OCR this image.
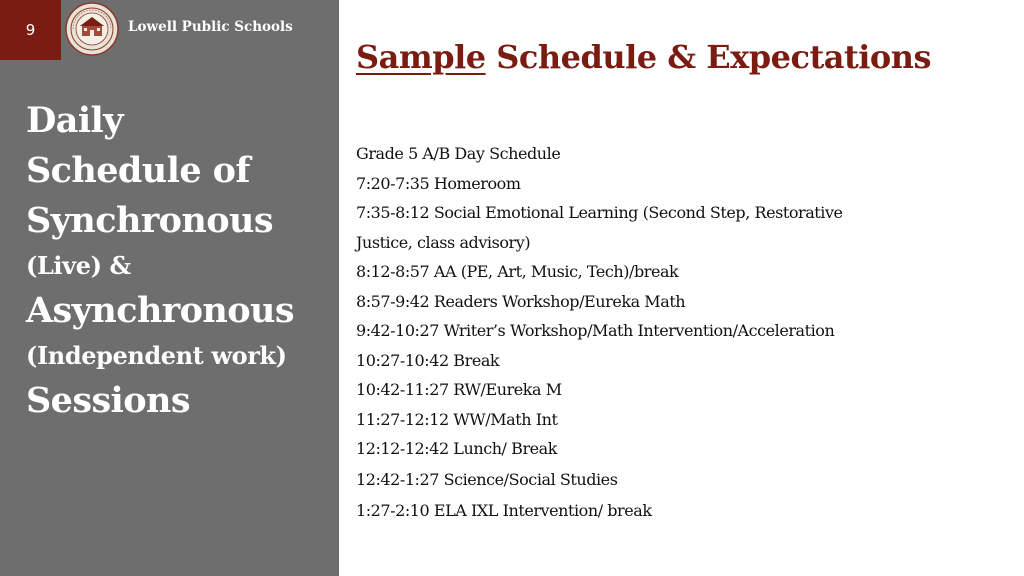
9	Lowell Public Schools
Daily
Schedule of
Synchronous
(Live) &
Asynchronous
(Independent work)
Sessions
Sample Schedule & Expectations
Grade 5 A/B Day Schedule
7:20-7:35 Homeroom
7:35-8:12 Social Emotional Learning (Second Step, Restorative
Justice, class advisory)
8:12-8:57 AA (PE, Art, Music, Tech)/break
8:57-9:42 Readers Workshop/Eureka Math
9:42-10:27 Writer’s Workshop/Math Intervention/Acceleration
10:27-10:42 Break
10:42-11:27 RW/Eureka M
11:27-12:12 WW/Math Int
12:12-12:42 Lunch/ Break
12:42-1:27 Science/Social Studies
1:27-2:10 ELA IXL Intervention/ break
